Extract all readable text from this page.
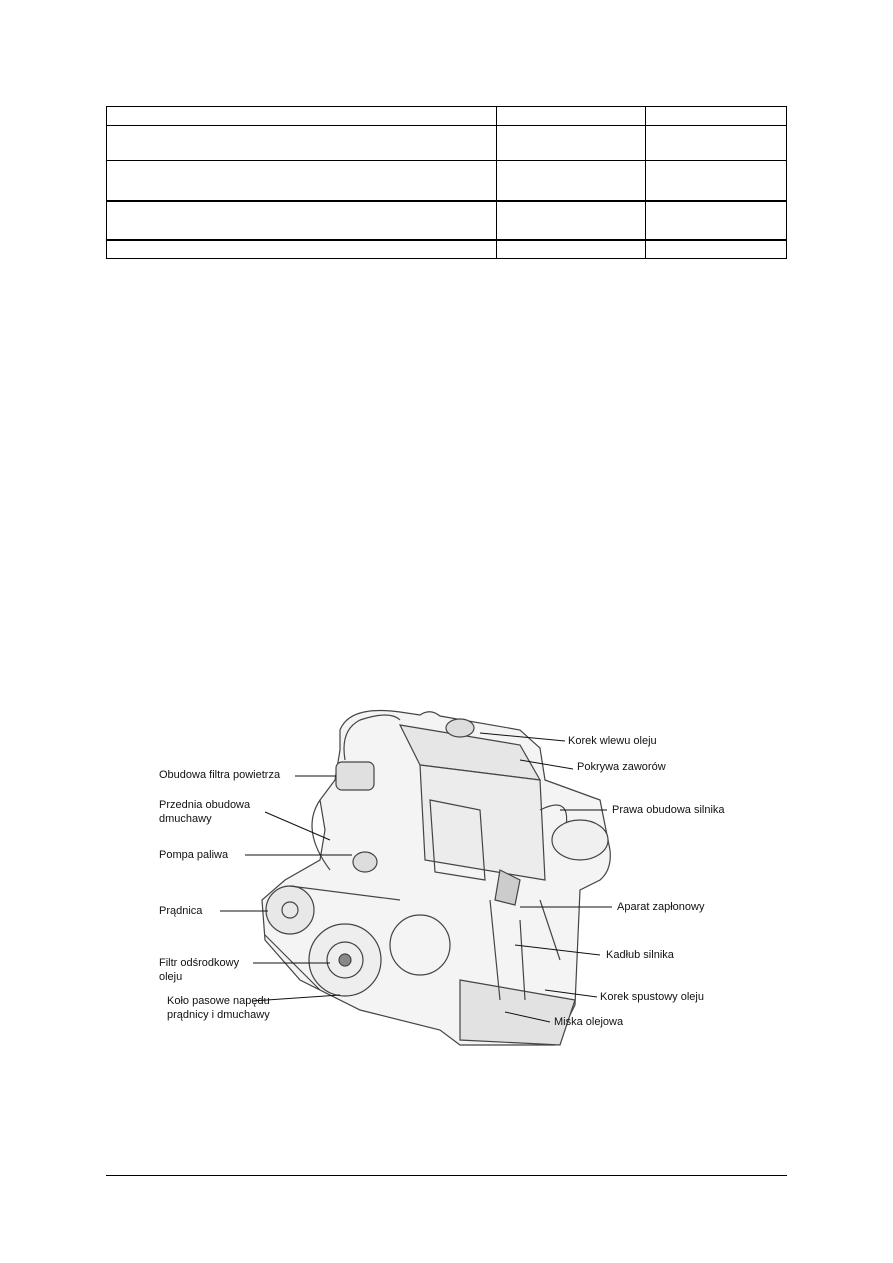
Korek wlewu oleju
Pokrywa zaworów
Obudowa filtra powietrza
Przednia obudowa
dmuchawy
Prawa obudowa silnika
Pompa paliwa
Prądnica	Aparat zapłonowy
Filtr odśrodkowy
oleju
Kadłub silnika
Koło pasowe napędu
prądnicy i dmuchawy
Korek spustowy oleju
Miska olejowa
